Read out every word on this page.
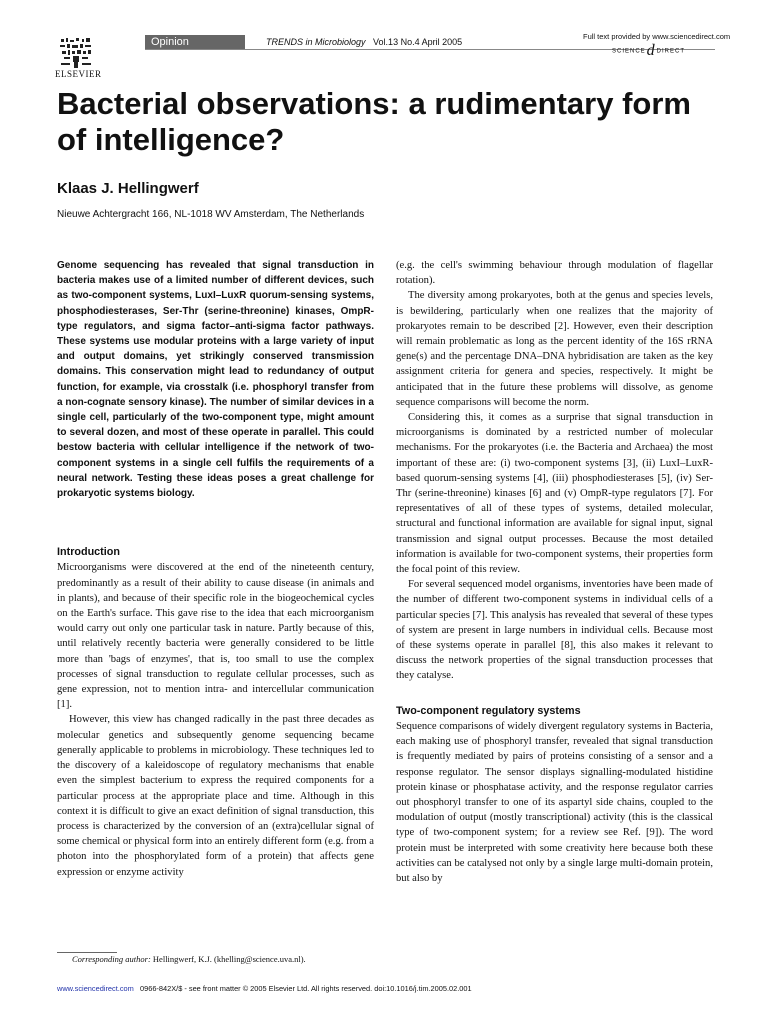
ELSEVIER
Opinion	TRENDS in Microbiology Vol.13 No.4 April 2005
Full text provided by www.sciencedirect.com
SCIENCEdDIRECT
Bacterial observations: a rudimentary form of intelligence?
Klaas J. Hellingwerf
Nieuwe Achtergracht 166, NL-1018 WV Amsterdam, The Netherlands

Genome sequencing has revealed that signal transduction in bacteria makes use of a limited number of different devices, such as two-component systems, LuxI–LuxR quorum-sensing systems, phosphodiesterases, Ser-Thr (serine-threonine) kinases, OmpR-type regulators, and sigma factor–anti-sigma factor pathways. These systems use modular proteins with a large variety of input and output domains, yet strikingly conserved transmission domains. This conservation might lead to redundancy of output function, for example, via crosstalk (i.e. phosphoryl transfer from a non-cognate sensory kinase). The number of similar devices in a single cell, particularly of the two-component type, might amount to several dozen, and most of these operate in parallel. This could bestow bacteria with cellular intelligence if the network of two-component systems in a single cell fulfils the requirements of a neural network. Testing these ideas poses a great challenge for prokaryotic systems biology.

Introduction

Microorganisms were discovered at the end of the nineteenth century, predominantly as a result of their ability to cause disease (in animals and in plants), and because of their specific role in the biogeochemical cycles on the Earth's surface. This gave rise to the idea that each microorganism would carry out only one particular task in nature. Partly because of this, until relatively recently bacteria were generally considered to be little more than 'bags of enzymes', that is, too small to use the complex processes of signal transduction to regulate cellular processes, such as gene expression, not to mention intra- and intercellular communication [1].

However, this view has changed radically in the past three decades as molecular genetics and subsequently genome sequencing became generally applicable to problems in microbiology. These techniques led to the discovery of a kaleidoscope of regulatory mechanisms that enable even the simplest bacterium to express the required components for a particular process at the appropriate place and time. Although in this context it is difficult to give an exact definition of signal transduction, this process is characterized by the conversion of an (extra)cellular signal of some chemical or physical form into an entirely different form (e.g. from a photon into the phosphorylated form of a protein) that affects gene expression or enzyme activity

(e.g. the cell's swimming behaviour through modulation of flagellar rotation).

The diversity among prokaryotes, both at the genus and species levels, is bewildering, particularly when one realizes that the majority of prokaryotes remain to be described [2]. However, even their description will remain problematic as long as the percent identity of the 16S rRNA gene(s) and the percentage DNA–DNA hybridisation are taken as the key assignment criteria for genera and species, respectively. It might be anticipated that in the future these problems will dissolve, as genome sequence comparisons will become the norm.

Considering this, it comes as a surprise that signal transduction in microorganisms is dominated by a restricted number of molecular mechanisms. For the prokaryotes (i.e. the Bacteria and Archaea) the most important of these are: (i) two-component systems [3], (ii) LuxI–LuxR-based quorum-sensing systems [4], (iii) phosphodiesterases [5], (iv) Ser-Thr (serine-threonine) kinases [6] and (v) OmpR-type regulators [7]. For representatives of all of these types of systems, detailed molecular, structural and functional information are available for signal input, signal transmission and signal output processes. Because the most detailed information is available for two-component systems, their properties form the focal point of this review.

For several sequenced model organisms, inventories have been made of the number of different two-component systems in individual cells of a particular species [7]. This analysis has revealed that several of these types of system are present in large numbers in individual cells. Because most of these systems operate in parallel [8], this also makes it relevant to discuss the network properties of the signal transduction processes that they catalyse.

Two-component regulatory systems

Sequence comparisons of widely divergent regulatory systems in Bacteria, each making use of phosphoryl transfer, revealed that signal transduction is frequently mediated by pairs of proteins consisting of a sensor and a response regulator. The sensor displays signalling-modulated histidine protein kinase or phosphatase activity, and the response regulator carries out phosphoryl transfer to one of its aspartyl side chains, coupled to the modulation of output (mostly transcriptional) activity (this is the classical type of two-component system; for a review see Ref. [9]). The word protein must be interpreted with some creativity here because both these activities can be catalysed not only by a single large multi-domain protein, but also by

Corresponding author: Hellingwerf, K.J. (khelling@science.uva.nl).
www.sciencedirect.com 0966-842X/$ - see front matter © 2005 Elsevier Ltd. All rights reserved. doi:10.1016/j.tim.2005.02.001
